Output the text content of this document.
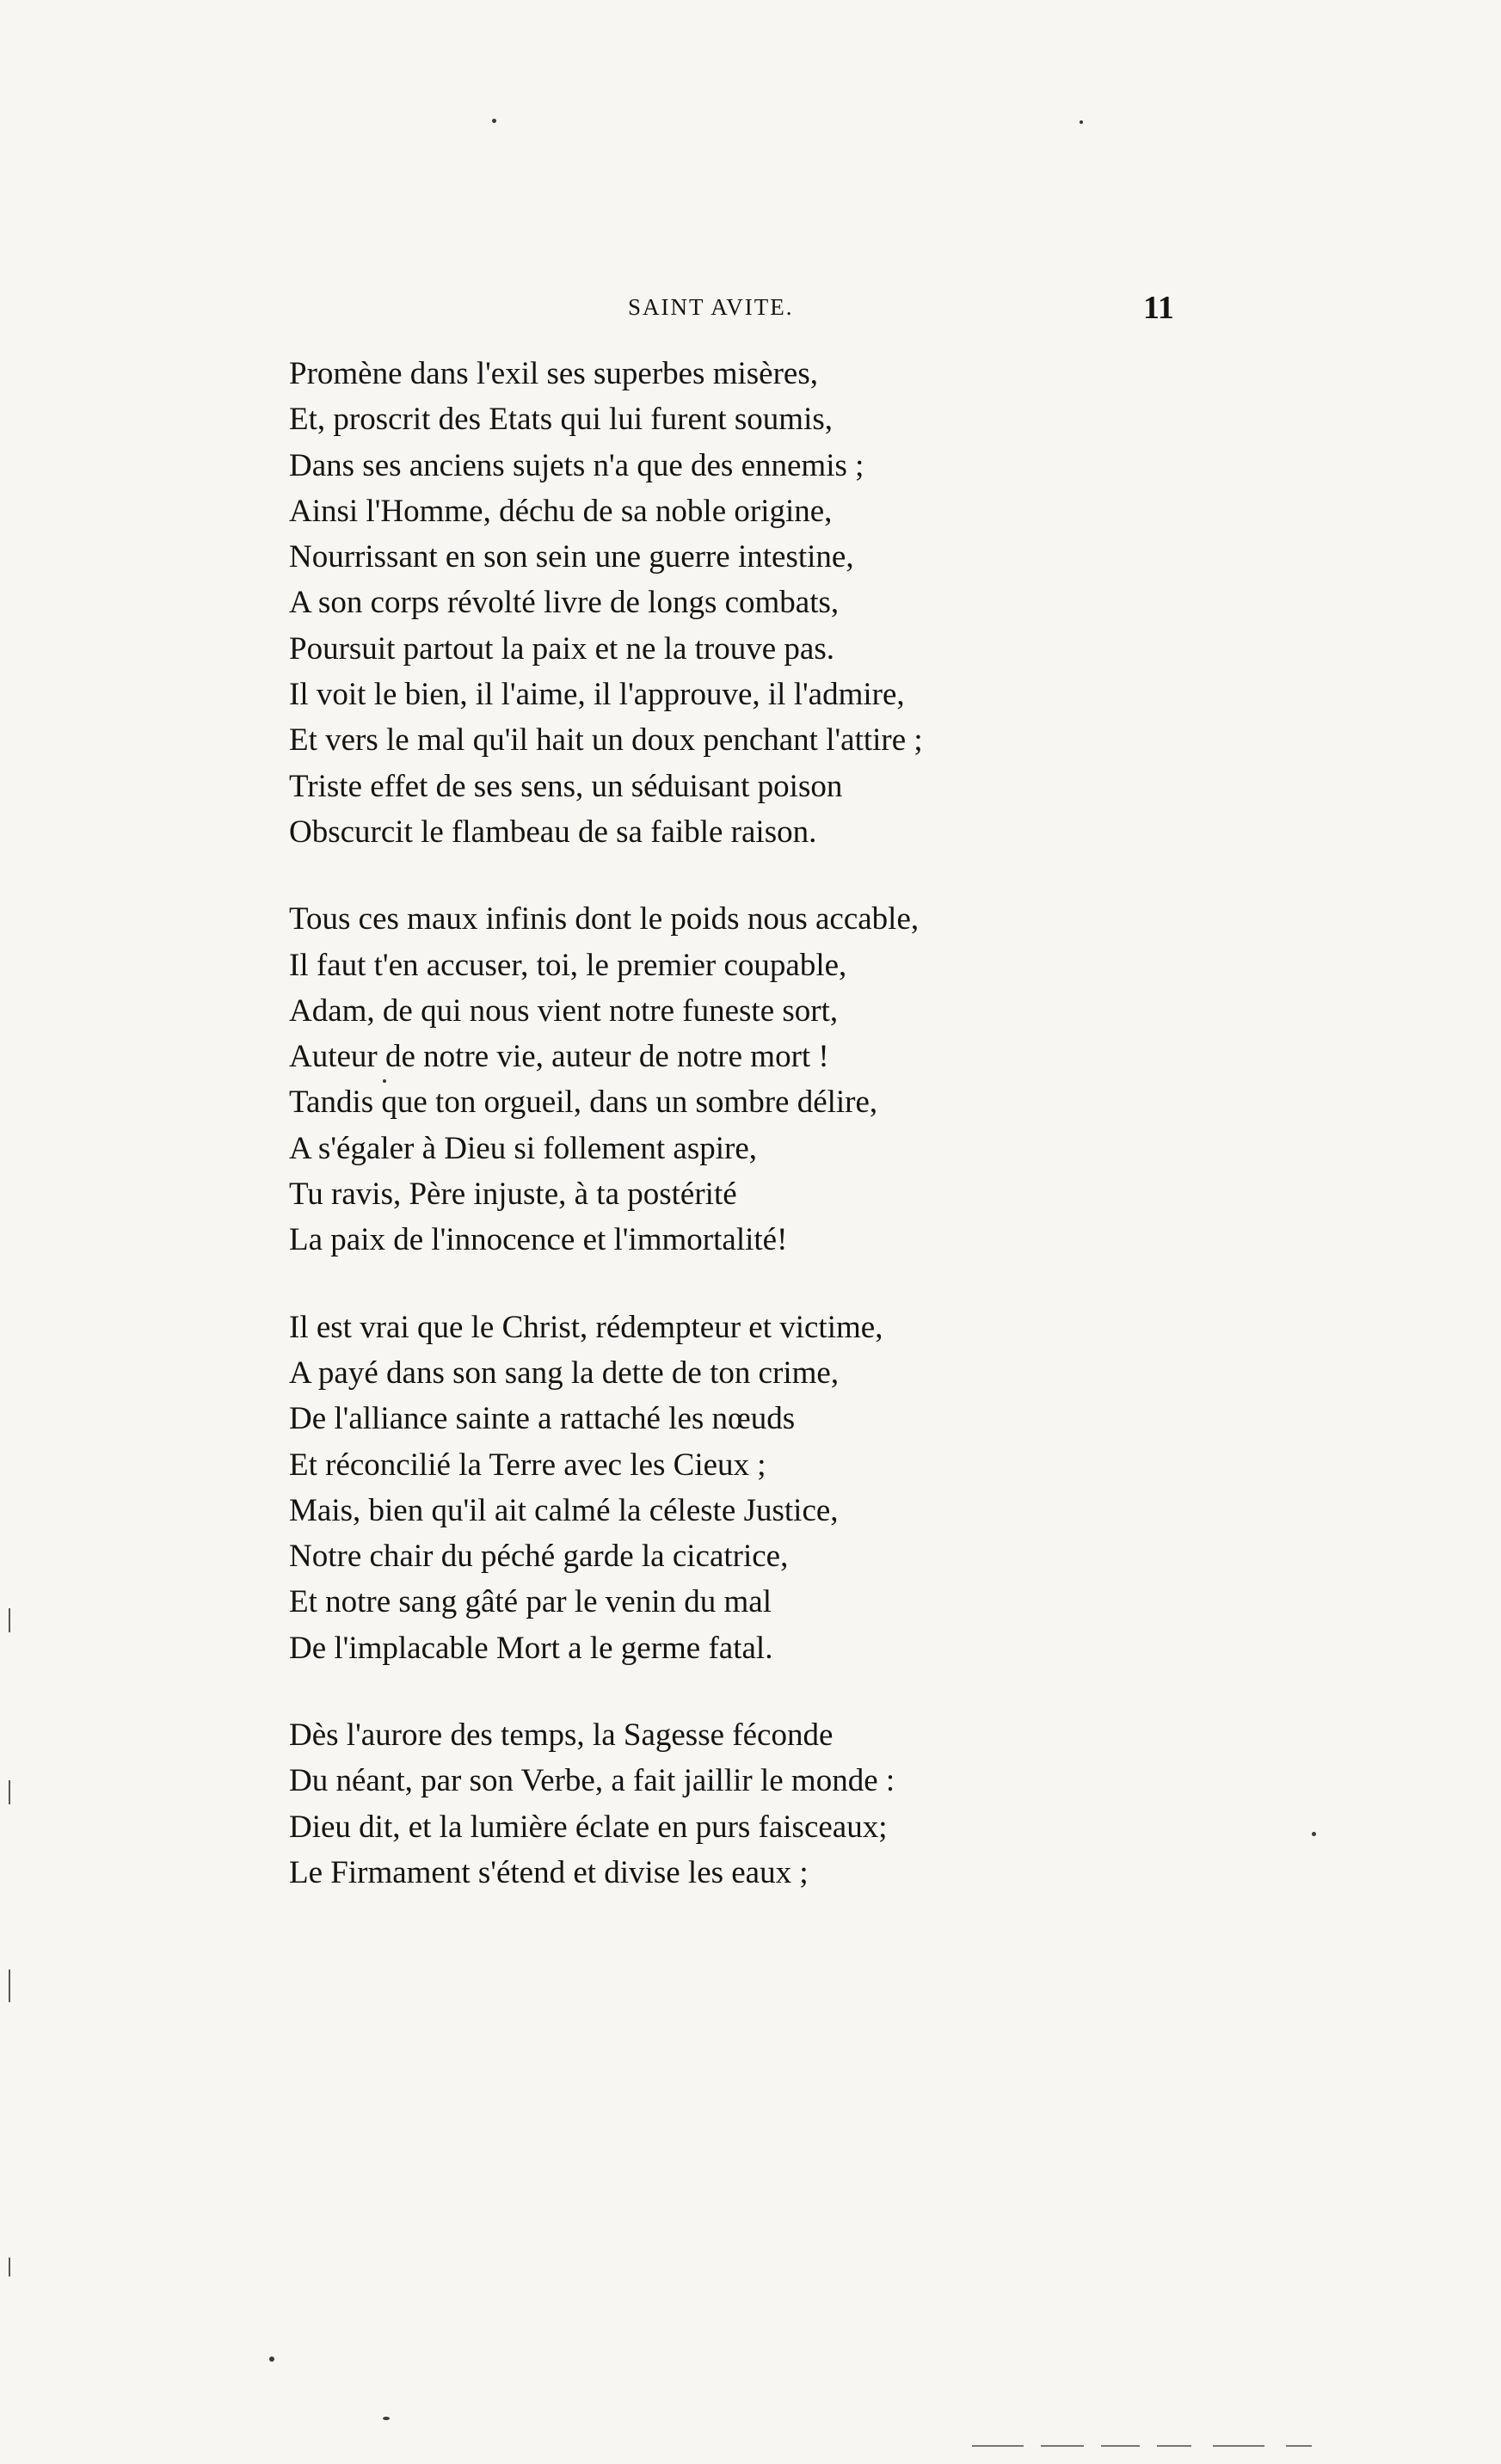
SAINT AVITE.	11
Promène dans l'exil ses superbes misères,
Et, proscrit des Etats qui lui furent soumis,
Dans ses anciens sujets n'a que des ennemis ;
Ainsi l'Homme, déchu de sa noble origine,
Nourrissant en son sein une guerre intestine,
A son corps révolté livre de longs combats,
Poursuit partout la paix et ne la trouve pas.
Il voit le bien, il l'aime, il l'approuve, il l'admire,
Et vers le mal qu'il hait un doux penchant l'attire ;
Triste effet de ses sens, un séduisant poison
Obscurcit le flambeau de sa faible raison.
Tous ces maux infinis dont le poids nous accable,
Il faut t'en accuser, toi, le premier coupable,
Adam, de qui nous vient notre funeste sort,
Auteur de notre vie, auteur de notre mort !
Tandis que ton orgueil, dans un sombre délire,
A s'égaler à Dieu si follement aspire,
Tu ravis, Père injuste, à ta postérité
La paix de l'innocence et l'immortalité!
Il est vrai que le Christ, rédempteur et victime,
A payé dans son sang la dette de ton crime,
De l'alliance sainte a rattaché les nœuds
Et réconcilié la Terre avec les Cieux ;
Mais, bien qu'il ait calmé la céleste Justice,
Notre chair du péché garde la cicatrice,
Et notre sang gâté par le venin du mal
De l'implacable Mort a le germe fatal.
Dès l'aurore des temps, la Sagesse féconde
Du néant, par son Verbe, a fait jaillir le monde :
Dieu dit, et la lumière éclate en purs faisceaux;
Le Firmament s'étend et divise les eaux ;
